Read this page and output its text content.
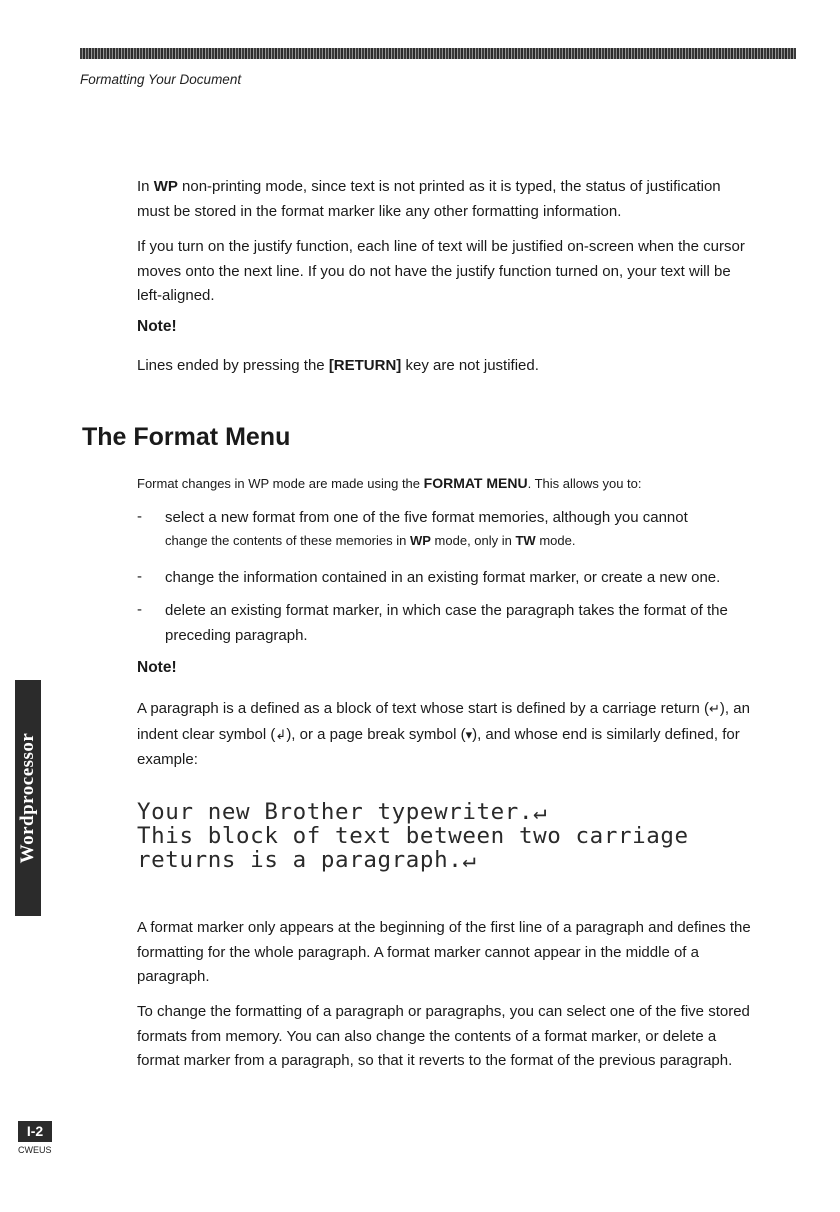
Formatting Your Document

In WP non-printing mode, since text is not printed as it is typed, the status of justification must be stored in the format marker like any other formatting information.

If you turn on the justify function, each line of text will be justified on-screen when the cursor moves onto the next line. If you do not have the justify function turned on, your text will be left-aligned.

Note!

Lines ended by pressing the [RETURN] key are not justified.

The Format Menu

Format changes in WP mode are made using the FORMAT MENU. This allows you to:

- select a new format from one of the five format memories, although you cannot

change the contents of these memories in WP mode, only in TW mode.

- change the information contained in an existing format marker, or create a new one.

- delete an existing format marker, in which case the paragraph takes the format of the preceding paragraph.

Note!

A paragraph is a defined as a block of text whose start is defined by a carriage return (↵), an indent clear symbol (↲), or a page break symbol (▾), and whose end is similarly defined, for example:

Your new Brother typewriter.↵
This block of text between two carriage
returns is a paragraph.↵

A format marker only appears at the beginning of the first line of a paragraph and defines the formatting for the whole paragraph. A format marker cannot appear in the middle of a paragraph.

To change the formatting of a paragraph or paragraphs, you can select one of the five stored formats from memory. You can also change the contents of a format marker, or delete a format marker from a paragraph, so that it reverts to the format of the previous paragraph.

Wordprocessor
I-2
CWEUS
